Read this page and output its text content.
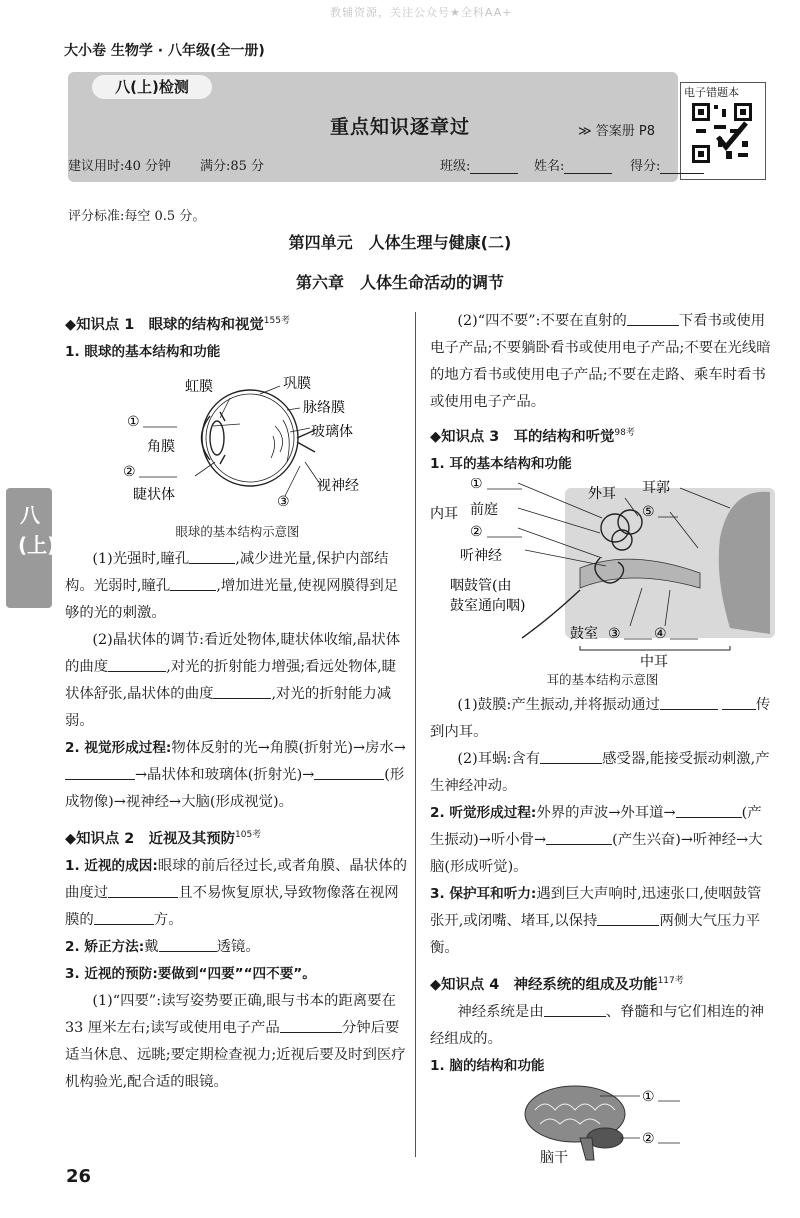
教辅资源，关注公众号★全科AA+
大小卷 生物学 · 八年级(全一册)
八(上)检测
重点知识逐章过	≫ 答案册 P8
电子错题本
建议用时:40 分钟 满分:85 分	班级:	姓名:	得分:
评分标准:每空 0.5 分。
第四单元　人体生理与健康(二)
第六章　人体生命活动的调节
八(上)

◆知识点 1　眼球的结构和视觉$^{155考}$

1. 眼球的基本结构和功能

虹膜	巩膜
脉络膜
玻璃体
①
角膜
②
睫状体	③
视神经

眼球的基本结构示意图

(1)光强时,瞳孔	,减少进光量,保护内部结构。光弱时,瞳孔	,增加进光量,使视网膜得到足够的光的刺激。

(2)晶状体的调节:看近处物体,睫状体收缩,晶状体的曲度	,对光的折射能力增强;看远处物体,睫状体舒张,晶状体的曲度	,对光的折射能力减弱。

2. 视觉形成过程:物体反射的光→角膜(折射光)→房水→→晶状体和玻璃体(折射光)→	(形成物像)→视神经→大脑(形成视觉)。

◆知识点 2　近视及其预防$^{105考}$

1. 近视的成因:眼球的前后径过长,或者角膜、晶状体的曲度过	且不易恢复原状,导致物像落在视网膜的	方。

2. 矫正方法:戴	透镜。

3. 近视的预防:要做到“四要”“四不要”。

(1)“四要”:读写姿势要正确,眼与书本的距离要在 33 厘米左右;读写或使用电子产品	分钟后要适当休息、远眺;要定期检查视力;近视后要及时到医疗机构验光,配合适的眼镜。

(2)“四不要”:不要在直射的	下看书或使用电子产品;不要躺卧看书或使用电子产品;不要在光线暗的地方看书或使用电子产品;不要在走路、乘车时看书或使用电子产品。

◆知识点 3　耳的结构和听觉$^{98考}$

1. 耳的基本结构和功能

内耳
①
前庭
②
外耳 耳郭
⑤
听神经
咽鼓管(由
鼓室通向咽)
鼓室 ③ ④
中耳

耳的基本结构示意图

(1)鼓膜:产生振动,并将振动通过	传到内耳。

(2)耳蜗:含有	感受器,能接受振动刺激,产生神经冲动。

2. 听觉形成过程:外界的声波→外耳道→	(产生振动)→听小骨→	(产生兴奋)→听神经→大脑(形成听觉)。

3. 保护耳和听力:遇到巨大声响时,迅速张口,使咽鼓管张开,或闭嘴、堵耳,以保持	两侧大气压力平衡。

◆知识点 4　神经系统的组成及功能$^{117考}$

神经系统是由	、脊髓和与它们相连的神经组成的。

1. 脑的结构和功能

①
②
脑干
26
